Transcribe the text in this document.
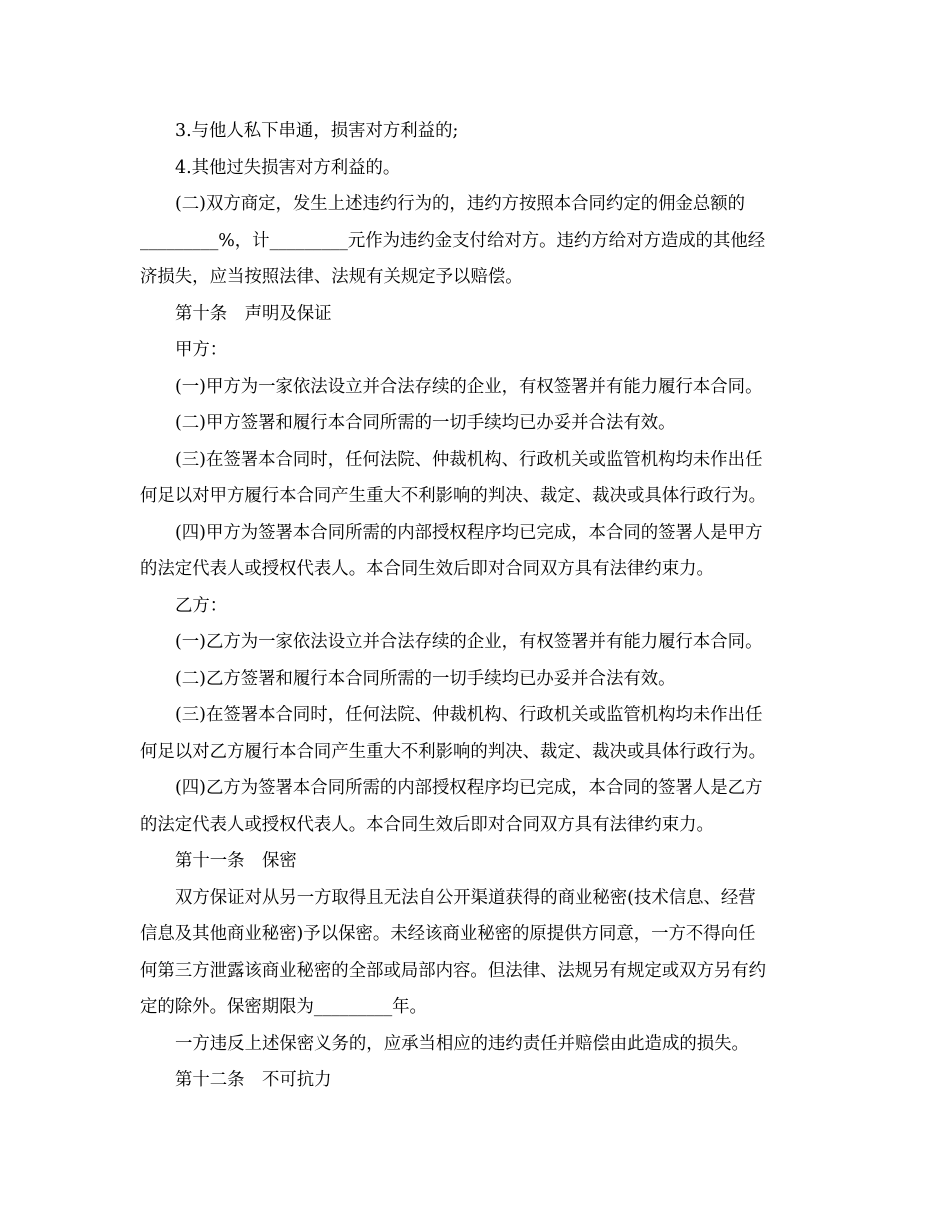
3.与他人私下串通，损害对方利益的;
4.其他过失损害对方利益的。
(二)双方商定，发生上述违约行为的，违约方按照本合同约定的佣金总额的
_________%，计_________元作为违约金支付给对方。违约方给对方造成的其他经
济损失，应当按照法律、法规有关规定予以赔偿。
第十条　声明及保证
甲方：
(一)甲方为一家依法设立并合法存续的企业，有权签署并有能力履行本合同。
(二)甲方签署和履行本合同所需的一切手续均已办妥并合法有效。
(三)在签署本合同时，任何法院、仲裁机构、行政机关或监管机构均未作出任
何足以对甲方履行本合同产生重大不利影响的判决、裁定、裁决或具体行政行为。
(四)甲方为签署本合同所需的内部授权程序均已完成，本合同的签署人是甲方
的法定代表人或授权代表人。本合同生效后即对合同双方具有法律约束力。
乙方：
(一)乙方为一家依法设立并合法存续的企业，有权签署并有能力履行本合同。
(二)乙方签署和履行本合同所需的一切手续均已办妥并合法有效。
(三)在签署本合同时，任何法院、仲裁机构、行政机关或监管机构均未作出任
何足以对乙方履行本合同产生重大不利影响的判决、裁定、裁决或具体行政行为。
(四)乙方为签署本合同所需的内部授权程序均已完成，本合同的签署人是乙方
的法定代表人或授权代表人。本合同生效后即对合同双方具有法律约束力。
第十一条　保密
双方保证对从另一方取得且无法自公开渠道获得的商业秘密(技术信息、经营
信息及其他商业秘密)予以保密。未经该商业秘密的原提供方同意，一方不得向任
何第三方泄露该商业秘密的全部或局部内容。但法律、法规另有规定或双方另有约
定的除外。保密期限为_________年。
一方违反上述保密义务的，应承当相应的违约责任并赔偿由此造成的损失。
第十二条　不可抗力
